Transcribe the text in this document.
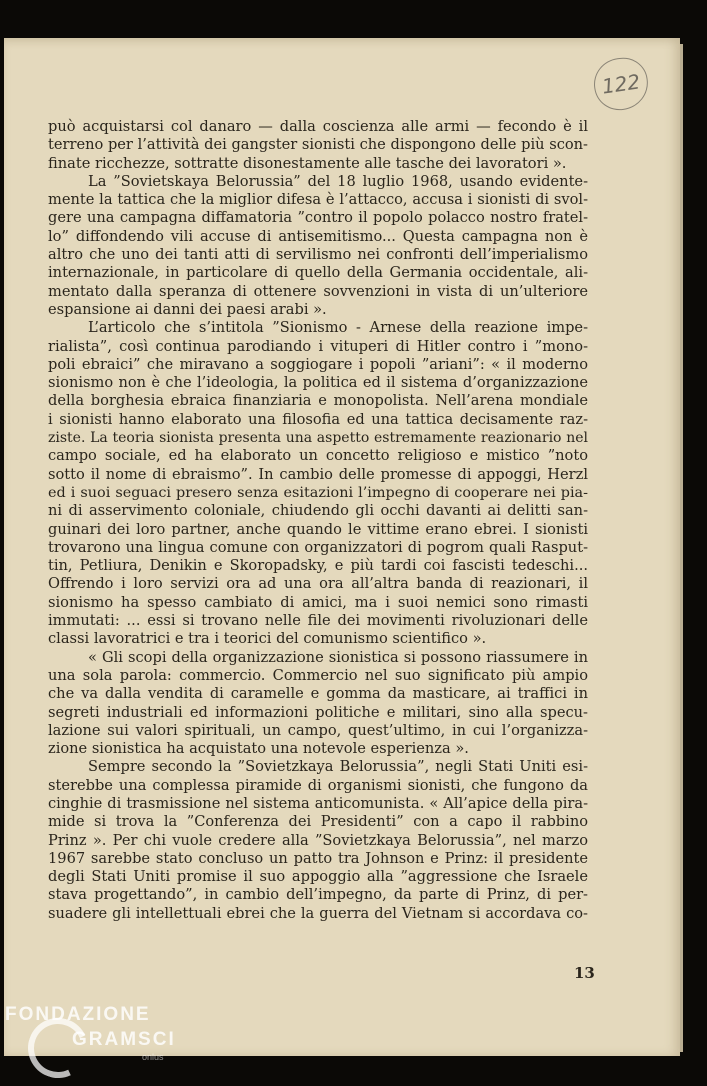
122
può acquistarsi col danaro — dalla coscienza alle armi — fecondo è il
terreno per l’attività dei gangster sionisti che dispongono delle più scon-
finate ricchezze, sottratte disonestamente alle tasche dei lavoratori ».
La ”Sovietskaya Belorussia” del 18 luglio 1968, usando evidente-
mente la tattica che la miglior difesa è l’attacco, accusa i sionisti di svol-
gere una campagna diffamatoria ”contro il popolo polacco nostro fratel-
lo” diffondendo vili accuse di antisemitismo... Questa campagna non è
altro che uno dei tanti atti di servilismo nei confronti dell’imperialismo
internazionale, in particolare di quello della Germania occidentale, ali-
mentato dalla speranza di ottenere sovvenzioni in vista di un’ulteriore
espansione ai danni dei paesi arabi ».
L’articolo che s’intitola ”Sionismo - Arnese della reazione impe-
rialista”, così continua parodiando i vituperi di Hitler contro i ”mono-
poli ebraici” che miravano a soggiogare i popoli ”ariani”: « il moderno
sionismo non è che l’ideologia, la politica ed il sistema d’organizzazione
della borghesia ebraica finanziaria e monopolista. Nell’arena mondiale
i sionisti hanno elaborato una filosofia ed una tattica decisamente raz-
ziste. La teoria sionista presenta una aspetto estremamente reazionario nel
campo sociale, ed ha elaborato un concetto religioso e mistico ”noto
sotto il nome di ebraismo”. In cambio delle promesse di appoggi, Herzl
ed i suoi seguaci presero senza esitazioni l’impegno di cooperare nei pia-
ni di asservimento coloniale, chiudendo gli occhi davanti ai delitti san-
guinari dei loro partner, anche quando le vittime erano ebrei. I sionisti
trovarono una lingua comune con organizzatori di pogrom quali Rasput-
tin, Petliura, Denikin e Skoropadsky, e più tardi coi fascisti tedeschi...
Offrendo i loro servizi ora ad una ora all’altra banda di reazionari, il
sionismo ha spesso cambiato di amici, ma i suoi nemici sono rimasti
immutati: ... essi si trovano nelle file dei movimenti rivoluzionari delle
classi lavoratrici e tra i teorici del comunismo scientifico ».
« Gli scopi della organizzazione sionistica si possono riassumere in
una sola parola: commercio. Commercio nel suo significato più ampio
che va dalla vendita di caramelle e gomma da masticare, ai traffici in
segreti industriali ed informazioni politiche e militari, sino alla specu-
lazione sui valori spirituali, un campo, quest’ultimo, in cui l’organizza-
zione sionistica ha acquistato una notevole esperienza ».
Sempre secondo la ”Sovietzkaya Belorussia”, negli Stati Uniti esi-
sterebbe una complessa piramide di organismi sionisti, che fungono da
cinghie di trasmissione nel sistema anticomunista. « All’apice della pira-
mide si trova la ”Conferenza dei Presidenti” con a capo il rabbino
Prinz ». Per chi vuole credere alla ”Sovietzkaya Belorussia”, nel marzo
1967 sarebbe stato concluso un patto tra Johnson e Prinz: il presidente
degli Stati Uniti promise il suo appoggio alla ”aggressione che Israele
stava progettando”, in cambio dell’impegno, da parte di Prinz, di per-
suadere gli intellettuali ebrei che la guerra del Vietnam si accordava co-
13
FONDAZIONE
GRAMSCI
onlus
